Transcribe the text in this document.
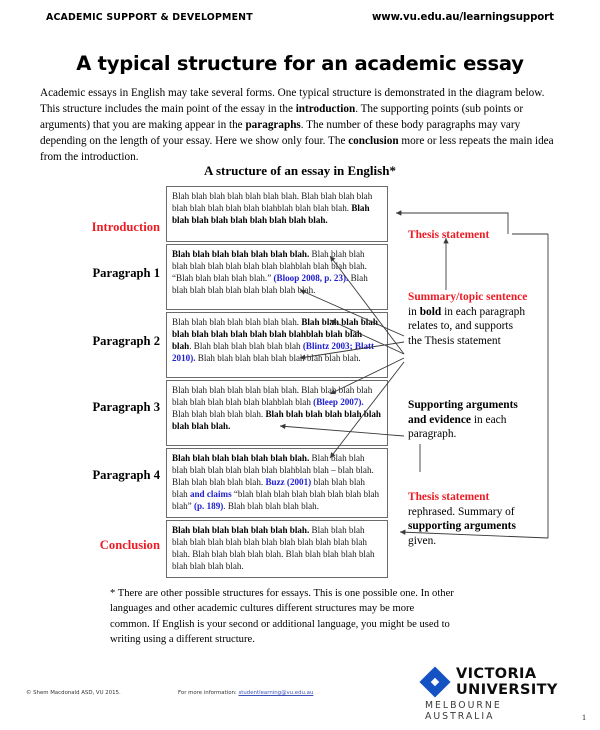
ACADEMIC SUPPORT & DEVELOPMENT	www.vu.edu.au/learningsupport
A typical structure for an academic essay
Academic essays in English may take several forms. One typical structure is demonstrated in the diagram below. This structure includes the main point of the essay in the introduction. The supporting points (sub points or arguments) that you are making appear in the paragraphs. The number of these body paragraphs may vary depending on the length of your essay. Here we show only four. The conclusion more or less repeats the main idea from the introduction.
A structure of an essay in English*
Introduction
Paragraph 1
Paragraph 2
Paragraph 3
Paragraph 4
Conclusion
Blah blah blah blah blah blah blah. Blah blah blah blah blah blah blah blah blah blahblah blah blah blah. Blah blah blah blah blah blah blah blah blah.
Blah blah blah blah blah blah blah. Blah blah blah blah blah blah blah blah blah blahblah blah blah blah. “Blah blah blah blah blah.” (Bloop 2008, p. 23). Blah blah blah blah blah blah blah blah blah.
Blah blah blah blah blah blah blah. Blah blah blah blah blah blah blah blah blah blah blahblah blah blah blah. Blah blah blah blah blah blah (Blintz 2003; Blatt 2010). Blah blah blah blah blah blah blah blah blah.
Blah blah blah blah blah blah blah. Blah blah blah blah blah blah blah blah blah blahblah blah (Bleep 2007). Blah blah blah blah blah. Blah blah blah blah blah blah blah blah blah.
Blah blah blah blah blah blah blah. Blah blah blah blah blah blah blah blah blah blahblah blah – blah blah. Blah blah blah blah blah. Buzz (2001) blah blah blah blah and claims “blah blah blah blah blah blah blah blah blah” (p. 189). Blah blah blah blah blah.
Blah blah blah blah blah blah blah. Blah blah blah blah blah blah blah blah blah blah blah blah blah blah blah. Blah blah blah blah blah. Blah blah blah blah blah blah blah blah blah.
Thesis statement
Summary/topic sentence in bold in each paragraph relates to, and supports the Thesis statement
Supporting arguments and evidence in each paragraph.
Thesis statement rephrased. Summary of supporting arguments given.
* There are other possible structures for essays. This is one possible one. In other languages and other academic cultures different structures may be more common. If English is your second or additional language, you might be used to writing using a different structure.
© Shem Macdonald ASD, VU 2015.	For more information: studentlearning@vu.edu.au
1
VICTORIA
UNIVERSITY
MELBOURNE AUSTRALIA
